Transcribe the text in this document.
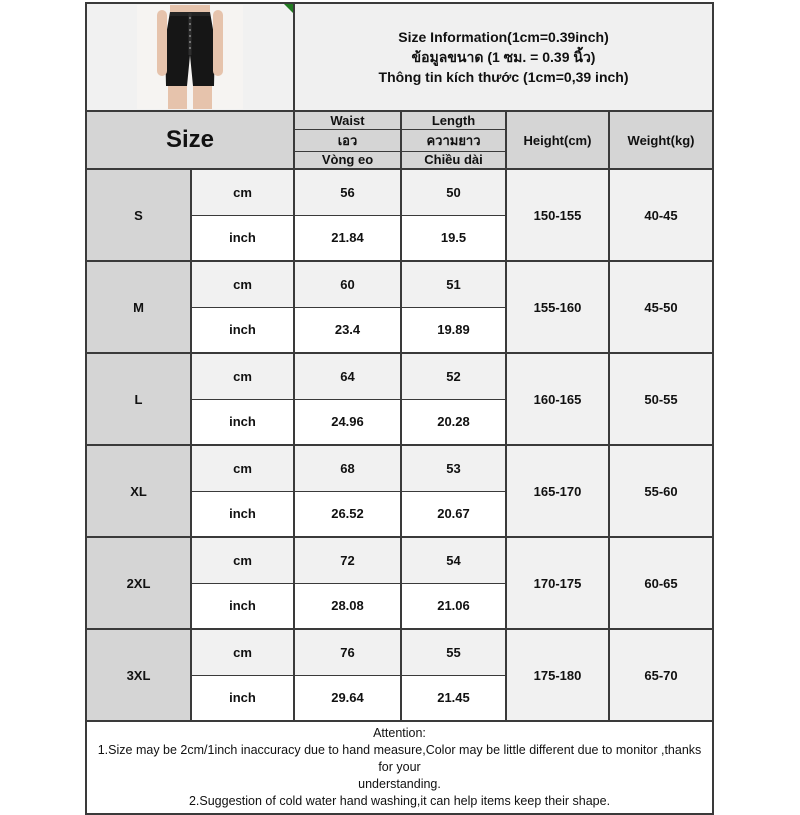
Size Information(1cm=0.39inch)
ข้อมูลขนาด (1 ซม. = 0.39 นิ้ว)
Thông tin kích thước (1cm=0,39 inch)			

Size		Waist	Length	Height(cm)	Weight(kg)
		เอว	ความยาว		
		Vòng eo	Chiều dài		
S	cm	56	50	150-155	40-45
	inch	21.84	19.5		
M	cm	60	51	155-160	45-50
	inch	23.4	19.89		
L	cm	64	52	160-165	50-55
	inch	24.96	20.28		
XL	cm	68	53	165-170	55-60
	inch	26.52	20.67		
2XL	cm	72	54	170-175	60-65
	inch	28.08	21.06		
3XL	cm	76	55	175-180	65-70
	inch	29.64	21.45		

Attention:
1.Size may be 2cm/1inch inaccuracy due to hand measure,Color may be little different due to monitor ,thanks for your
understanding.
2.Suggestion of cold water hand washing,it can help items keep their shape.					
